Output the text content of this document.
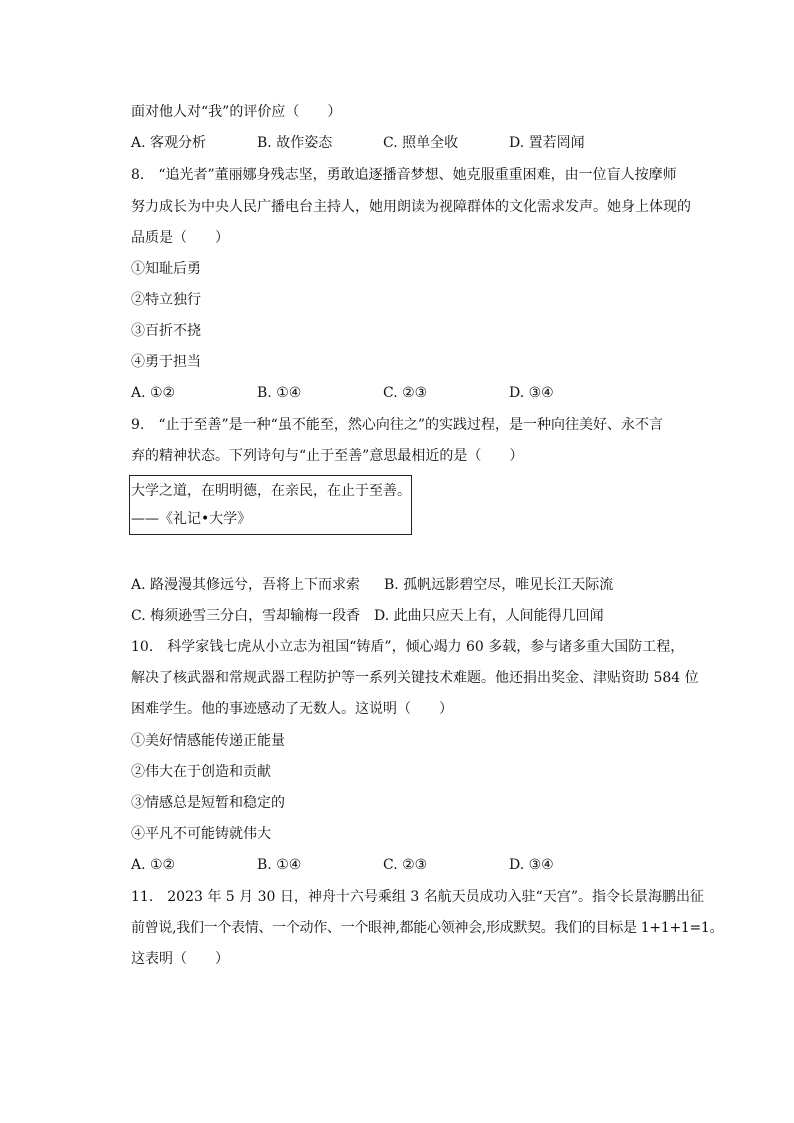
面对他人对“我”的评价应（　　）
A. 客观分析	B. 故作姿态	C. 照单全收	D. 置若罔闻
8.　“追光者”董丽娜身残志坚，勇敢追逐播音梦想、她克服重重困难，由一位盲人按摩师
努力成长为中央人民广播电台主持人，她用朗读为视障群体的文化需求发声。她身上体现的
品质是（　　）
①知耻后勇
②特立独行
③百折不挠
④勇于担当
A. ①②	B. ①④	C. ②③	D. ③④
9.　“止于至善”是一种“虽不能至，然心向往之”的实践过程，是一种向往美好、永不言
弃的精神状态。下列诗句与“止于至善”意思最相近的是（　　）
大学之道，在明明德，在亲民，在止于至善。
——《礼记•大学》
A. 路漫漫其修远兮，吾将上下而求索 B. 孤帆远影碧空尽，唯见长江天际流
C. 梅须逊雪三分白，雪却输梅一段香 D. 此曲只应天上有，人间能得几回闻
10.　科学家钱七虎从小立志为祖国“铸盾”，倾心竭力 60 多载，参与诸多重大国防工程，
解决了核武器和常规武器工程防护等一系列关键技术难题。他还捐出奖金、津贴资助 584 位
困难学生。他的事迹感动了无数人。这说明（　　）
①美好情感能传递正能量
②伟大在于创造和贡献
③情感总是短暂和稳定的
④平凡不可能铸就伟大
A. ①②	B. ①④	C. ②③	D. ③④
11.　2023 年 5 月 30 日，神舟十六号乘组 3 名航天员成功入驻“天宫”。指令长景海鹏出征
前曾说,我们一个表情、一个动作、一个眼神,都能心领神会,形成默契。我们的目标是 1+1+1=1。
这表明（　　）
